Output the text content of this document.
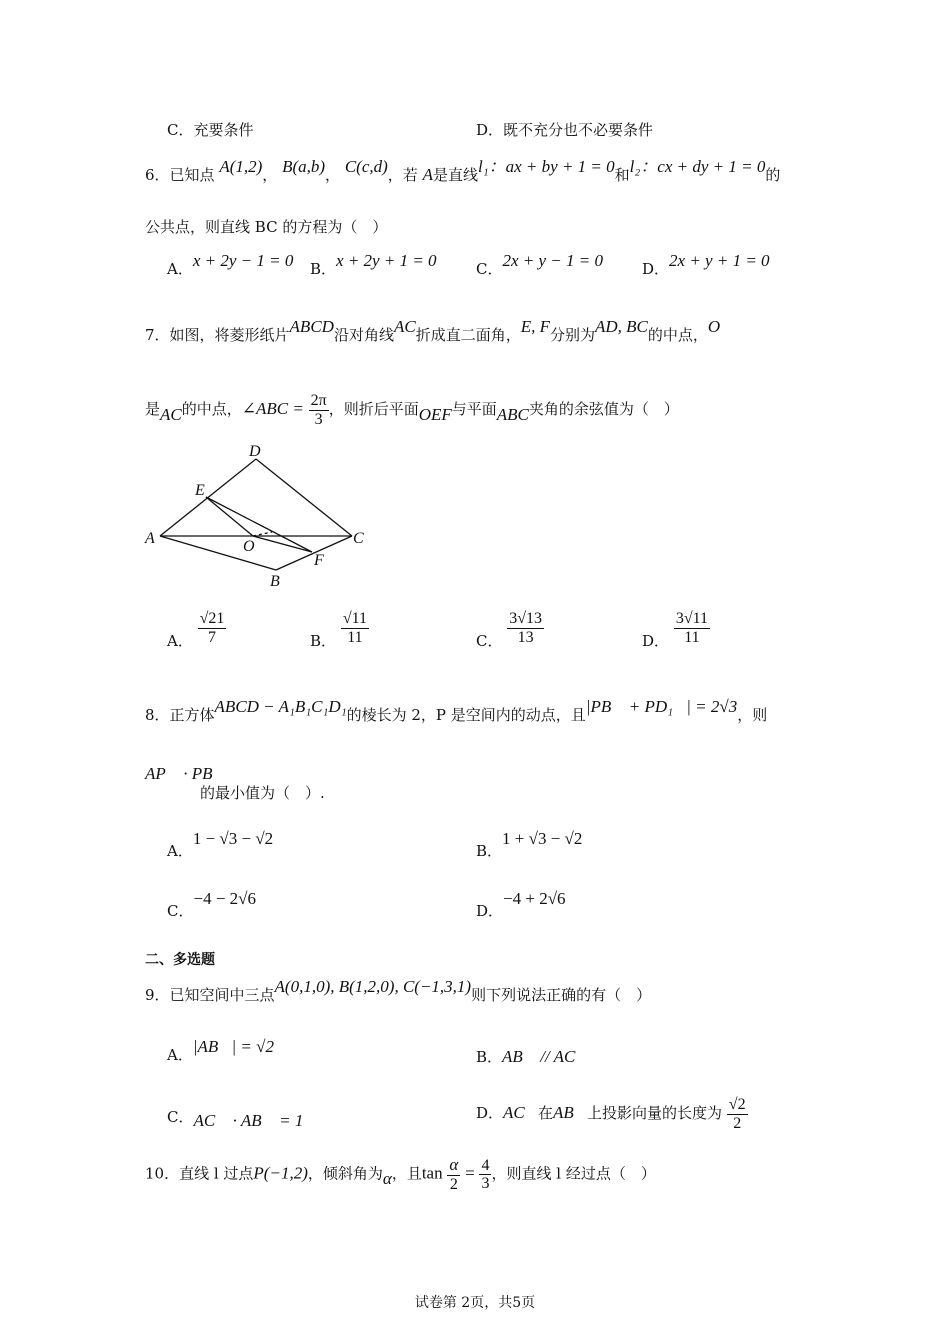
C．充要条件	D．既不充分也不必要条件
6．已知点 A(1,2)， B(a,b)， C(c,d)，若 A是直线l₁：ax + by + 1 = 0和l₂：cx + dy + 1 = 0的
公共点，则直线 BC 的方程为（　）
A．x + 2y − 1 = 0 B．x + 2y + 1 = 0	C．2x + y − 1 = 0	D．2x + y + 1 = 0
7．如图，将菱形纸片ABCD沿对角线AC折成直二面角，E, F分别为AD, BC的中点，O
是AC的中点，∠ABC = $\frac{2\pi}{3}$ ，则折后平面OEF与平面ABC夹角的余弦值为（　）
D
E
A	O	C
F
B
A． $\frac{√21}{7}$	B． $\frac{√11}{11}$	C． $\frac{3√13}{13}$	D． $\frac{3√11}{11}$
8．正方体ABCD − A₁B₁C₁D₁的棱长为 2，P 是空间内的动点，且|PB⃗ + PD₁⃗| = 2√3，则
AP⃗ · PB⃗
的最小值为（　）.
A．1 − √3 − √2
B．1 + √3 − √2
C．−4 − 2√6
D．−4 + 2√6
二、多选题
9．已知空间中三点A(0,1,0), B(1,2,0), C(−1,3,1)则下列说法正确的有（　）
A．|AB⃗| = √2
B．AB⃗ // AC⃗
C．AC⃗ · AB⃗ = 1	D．AC⃗在AB⃗上投影向量的长度为 $\frac{√2}{2}$
10．直线 l 过点P(−1,2)，倾斜角为α，且$\tan \frac{\alpha}{2} = \frac{4}{3}$ ，则直线 l 经过点（　）
试卷第 2页，共5页
